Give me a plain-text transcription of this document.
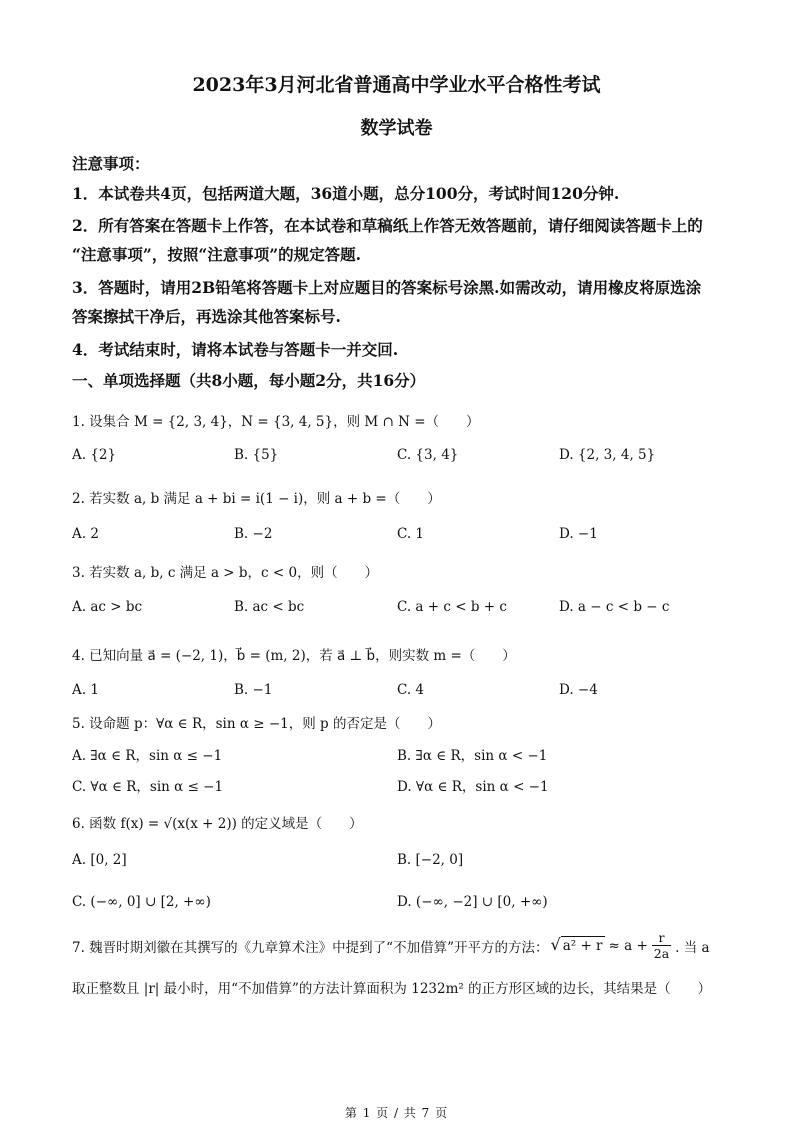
2023年3月河北省普通高中学业水平合格性考试
数学试卷
注意事项：
1．本试卷共4页，包括两道大题，36道小题，总分100分，考试时间120分钟.
2．所有答案在答题卡上作答，在本试卷和草稿纸上作答无效答题前，请仔细阅读答题卡上的
“注意事项”，按照“注意事项”的规定答题.
3．答题时，请用2B铅笔将答题卡上对应题目的答案标号涂黑.如需改动，请用橡皮将原选涂
答案擦拭干净后，再选涂其他答案标号.
4．考试结束时，请将本试卷与答题卡一并交回.
一、单项选择题（共8小题，每小题2分，共16分）
1. 设集合 M = {2, 3, 4}，N = {3, 4, 5}，则 M ∩ N =（　　）
A. {2}	B. {5}	C. {3, 4}	D. {2, 3, 4, 5}
2. 若实数 a, b 满足 a + bi = i(1 − i)，则 a + b =（　　）
A. 2	B. −2	C. 1	D. −1
3. 若实数 a, b, c 满足 a > b，c < 0，则（　　）
A. ac > bc	B. ac < bc	C. a + c < b + c	D. a − c < b − c
4. 已知向量 a⃗ = (−2, 1)，b⃗ = (m, 2)，若 a⃗ ⊥ b⃗，则实数 m =（　　）
A. 1	B. −1	C. 4	D. −4
5. 设命题 p：∀α ∈ R，sin α ≥ −1，则 p 的否定是（　　）
A. ∃α ∈ R，sin α ≤ −1	B. ∃α ∈ R，sin α < −1
C. ∀α ∈ R，sin α ≤ −1	D. ∀α ∈ R，sin α < −1
6. 函数 f(x) = √(x(x + 2)) 的定义域是（　　）
A. [0, 2]	B. [−2, 0]
C. (−∞, 0] ∪ [2, +∞)	D. (−∞, −2] ∪ [0, +∞)
7. 魏晋时期刘徽在其撰写的《九章算术注》中提到了“不加借算”开平方的方法： √ $a^2 + r \approx a + \frac{r}{2a}$ . 当 a
取正整数且 |r| 最小时，用“不加借算”的方法计算面积为 1232m² 的正方形区域的边长，其结果是（　　）
第 1 页 / 共 7 页
